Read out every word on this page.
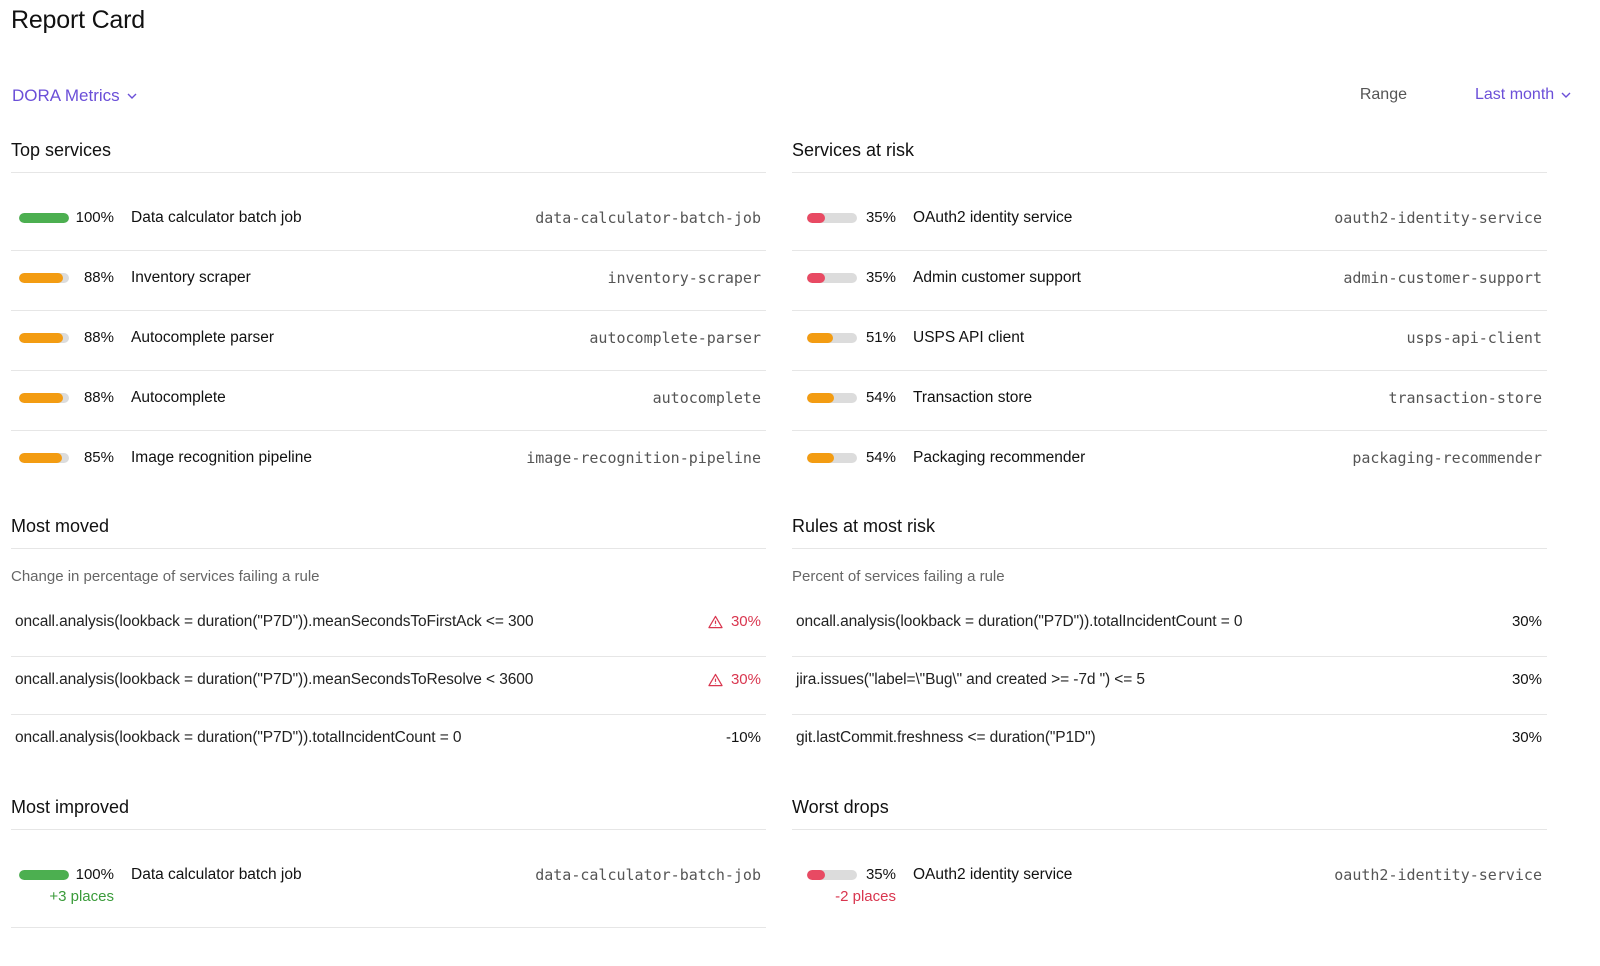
Report Card
DORA Metrics	Range	Last month
Top services
100% Data calculator batch job	data-calculator-batch-job
88% Inventory scraper	inventory-scraper
88% Autocomplete parser	autocomplete-parser
88% Autocomplete	autocomplete
85% Image recognition pipeline	image-recognition-pipeline
Services at risk
35% OAuth2 identity service	oauth2-identity-service
35% Admin customer support	admin-customer-support
51% USPS API client	usps-api-client
54% Transaction store	transaction-store
54% Packaging recommender	packaging-recommender
Most moved
Change in percentage of services failing a rule
oncall.analysis(lookback = duration("P7D")).meanSecondsToFirstAck <= 300	30%
oncall.analysis(lookback = duration("P7D")).meanSecondsToResolve < 3600	30%
oncall.analysis(lookback = duration("P7D")).totalIncidentCount = 0	-10%
Rules at most risk
Percent of services failing a rule
oncall.analysis(lookback = duration("P7D")).totalIncidentCount = 0	30%
jira.issues("label=\"Bug\" and created >= -7d ") <= 5	30%
git.lastCommit.freshness <= duration("P1D")	30%
Most improved
100% Data calculator batch job	data-calculator-batch-job
+3 places
Worst drops
35% OAuth2 identity service	oauth2-identity-service
-2 places
